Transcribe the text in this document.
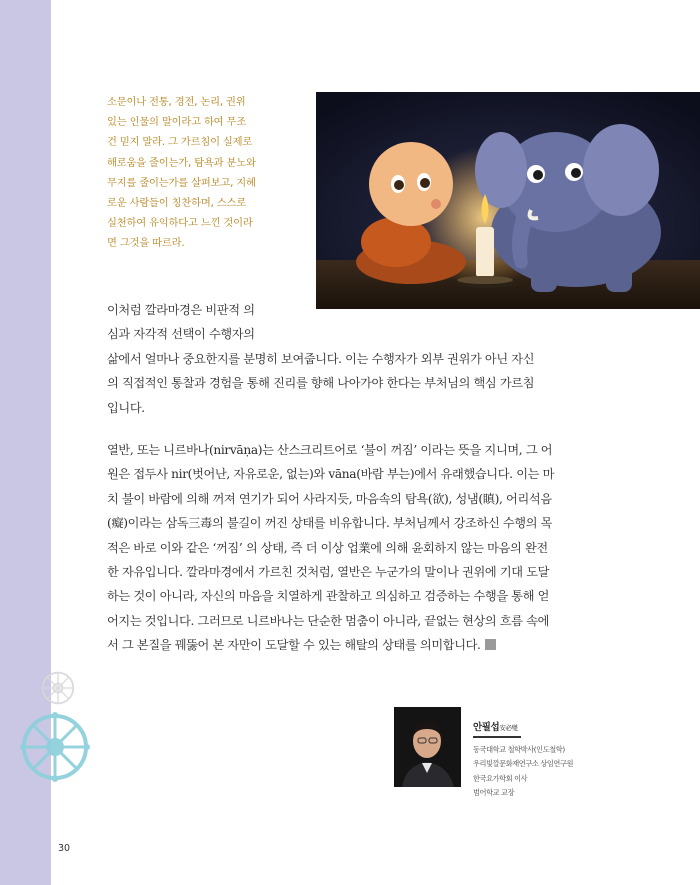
소문이나 전통, 경전, 논리, 권위
있는 인물의 말이라고 하여 무조
건 믿지 말라. 그 가르침이 실제로
해로움을 줄이는가, 탐욕과 분노와
무지를 줄이는가를 살펴보고, 지혜
로운 사람들이 칭찬하며, 스스로
실천하여 유익하다고 느낀 것이라
면 그것을 따르라.
이처럼 깔라마경은 비판적 의
심과 자각적 선택이 수행자의
삶에서 얼마나 중요한지를 분명히 보여줍니다. 이는 수행자가 외부 권위가 아닌 자신
의 직접적인 통찰과 경험을 통해 진리를 향해 나아가야 한다는 부처님의 핵심 가르침
입니다.
열반, 또는 니르바나(nirvāṇa)는 산스크리트어로 ‘불이 꺼짐’ 이라는 뜻을 지니며, 그 어
원은 접두사 nir(벗어난, 자유로운, 없는)와 vāna(바람 부는)에서 유래했습니다. 이는 마
치 불이 바람에 의해 꺼져 연기가 되어 사라지듯, 마음속의 탐욕(欲), 성냄(瞋), 어리석음
(癡)이라는 삼독三毒의 불길이 꺼진 상태를 비유합니다. 부처님께서 강조하신 수행의 목
적은 바로 이와 같은 ‘꺼짐’ 의 상태, 즉 더 이상 업業에 의해 윤회하지 않는 마음의 완전
한 자유입니다. 깔라마경에서 가르친 것처럼, 열반은 누군가의 말이나 권위에 기대 도달
하는 것이 아니라, 자신의 마음을 치열하게 관찰하고 의심하고 검증하는 수행을 통해 얻
어지는 것입니다. 그러므로 니르바나는 단순한 멈춤이 아니라, 끝없는 현상의 흐름 속에
서 그 본질을 꿰뚫어 본 자만이 도달할 수 있는 해탈의 상태를 의미합니다.
안필섭安必燮
동국대학교 철학박사(인도철학)
우리빛깔문화재연구소 상임연구원
한국요가학회 이사
범어학교 교장
30
